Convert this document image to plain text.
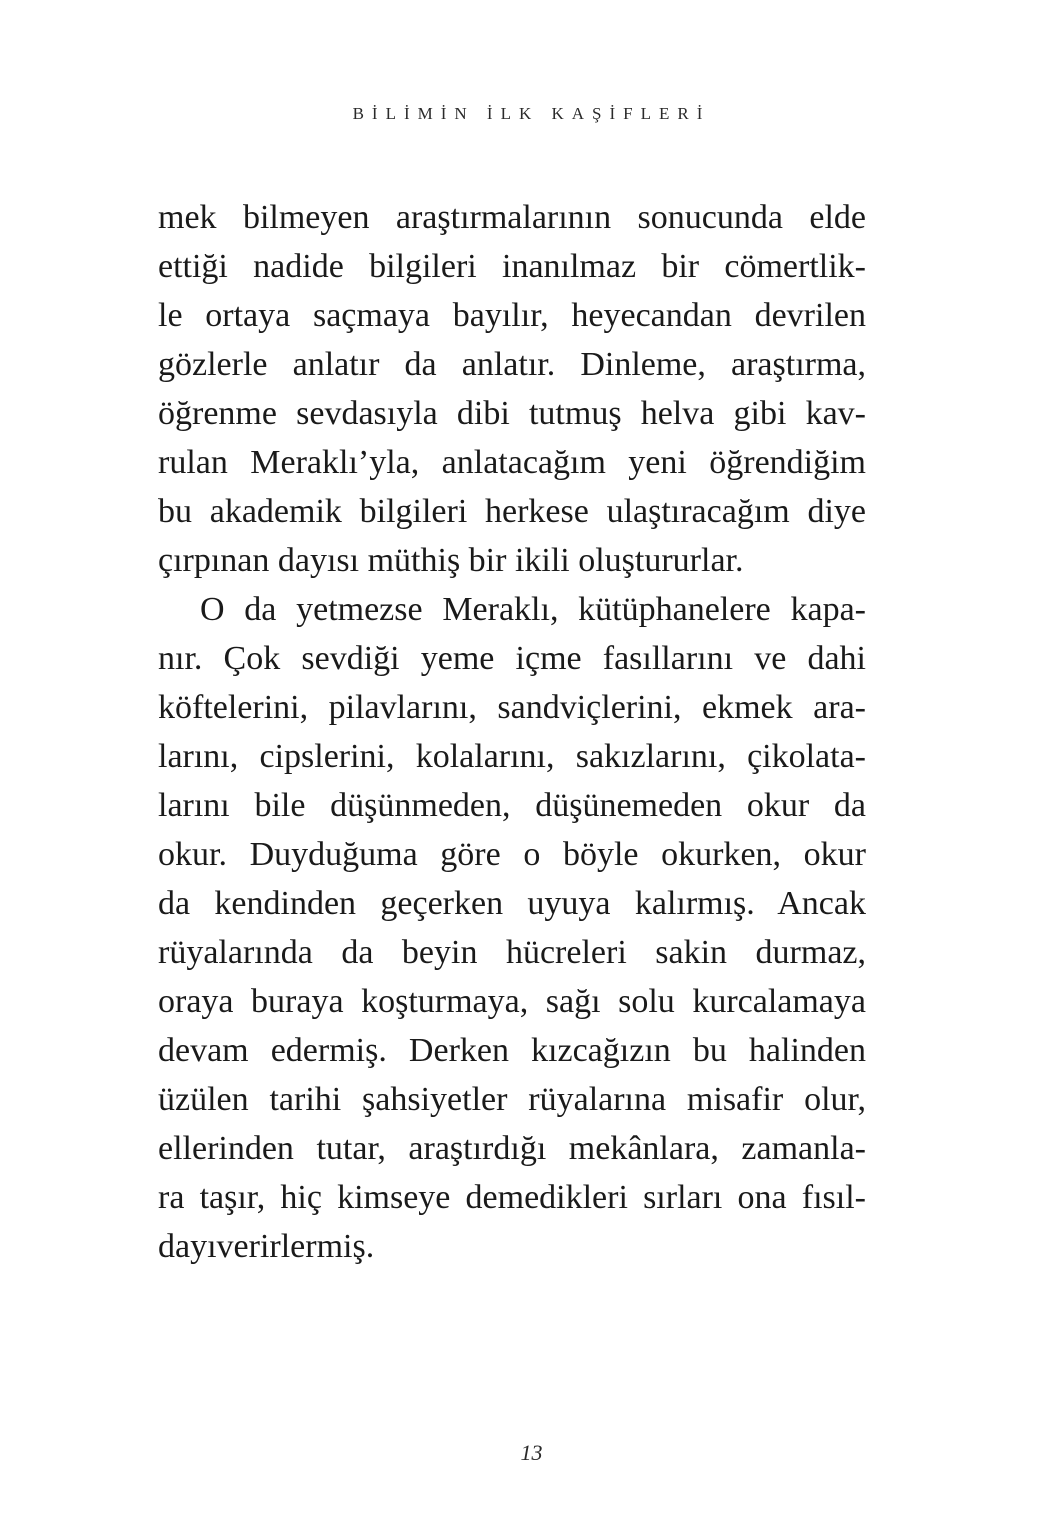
BİLİMİN İLK KAŞİFLERİ
mek bilmeyen araştırmalarının sonucunda elde
ettiği nadide bilgileri inanılmaz bir cömertlik-
le ortaya saçmaya bayılır, heyecandan devrilen
gözlerle anlatır da anlatır. Dinleme, araştırma,
öğrenme sevdasıyla dibi tutmuş helva gibi kav-
rulan Meraklı’yla, anlatacağım yeni öğrendiğim
bu akademik bilgileri herkese ulaştıracağım diye
çırpınan dayısı müthiş bir ikili oluştururlar.
O da yetmezse Meraklı, kütüphanelere kapa-
nır. Çok sevdiği yeme içme fasıllarını ve dahi
köftelerini, pilavlarını, sandviçlerini, ekmek ara-
larını, cipslerini, kolalarını, sakızlarını, çikolata-
larını bile düşünmeden, düşünemeden okur da
okur. Duyduğuma göre o böyle okurken, okur
da kendinden geçerken uyuya kalırmış. Ancak
rüyalarında da beyin hücreleri sakin durmaz,
oraya buraya koşturmaya, sağı solu kurcalamaya
devam edermiş. Derken kızcağızın bu halinden
üzülen tarihi şahsiyetler rüyalarına misafir olur,
ellerinden tutar, araştırdığı mekânlara, zamanla-
ra taşır, hiç kimseye demedikleri sırları ona fısıl-
dayıverirlermiş.
13
